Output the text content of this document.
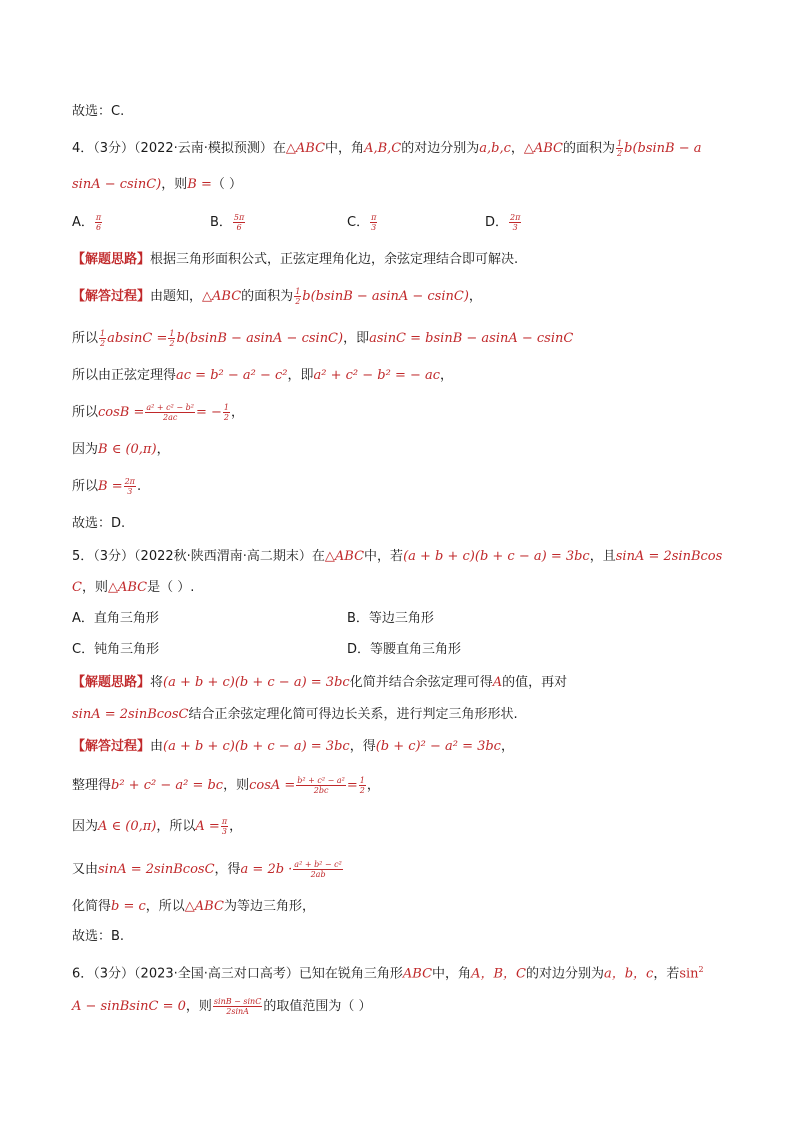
故选：C.
4．（3分）（2022·云南·模拟预测）在△ABC中，角A,B,C的对边分别为a,b,c，△ABC的面积为 $\frac{1}{2} b(bsinB - a$
sinA − csinC)，则B =（ ）
A． $\frac{\pi}{6}$	B． $\frac{5\pi}{6}$	C． $\frac{\pi}{3}$	D． $\frac{2\pi}{3}$
【解题思路】根据三角形面积公式，正弦定理角化边，余弦定理结合即可解决.
【解答过程】由题知，△ABC的面积为 $\frac{1}{2} b(bsinB - asinA - csinC)$，
所以 $\frac{1}{2}$ $absinC = \frac{1}{2} b(bsinB - asinA - csinC)$，即asinC = bsinB − asinA − csinC
所以由正弦定理得ac = b² − a² − c²，即a² + c² − b² = − ac，
所以$\cos B = \frac{\text{a² + c² − b²}}{2ac}$ = − $\frac{1}{2}$ ，
因为B ∈ (0,π)，
所以$B = \frac{2\pi}{3}$ .
故选：D.
5．（3分）（2022秋·陕西渭南·高二期末）在△ABC中，若(a + b + c)(b + c − a) = 3bc，且sinA = 2sinBcos
C，则△ABC是（ ）.
A．直角三角形	B．等边三角形
C．钝角三角形	D．等腰直角三角形
【解题思路】将(a + b + c)(b + c − a) = 3bc化简并结合余弦定理可得A的值，再对
sinA = 2sinBcosC结合正余弦定理化简可得边长关系，进行判定三角形形状.
【解答过程】由(a + b + c)(b + c − a) = 3bc，得(b + c)² − a² = 3bc，
整理得b² + c² − a² = bc，则$\cos A = \frac{\text{b² + c² − a²}}{2bc} = \frac{1}{2}$ ，
因为A ∈ (0,π)，所以$A = \frac{\pi}{3}$ ，
又由sinA = 2sinBcosC，得$a = 2b \cdot \frac{\text{a² + b² − c²}}{2ab}$
化简得b = c，所以△ABC为等边三角形，
故选：B.
6．（3分）（2023·全国·高三对口高考）已知在锐角三角形ABC中，角A，B，C的对边分别为a，b，c，若$\sin^2$
A − sinBsinC = 0，则 $\frac{\sin B - \sin C}{2\sin A}$ 的取值范围为（ ）
